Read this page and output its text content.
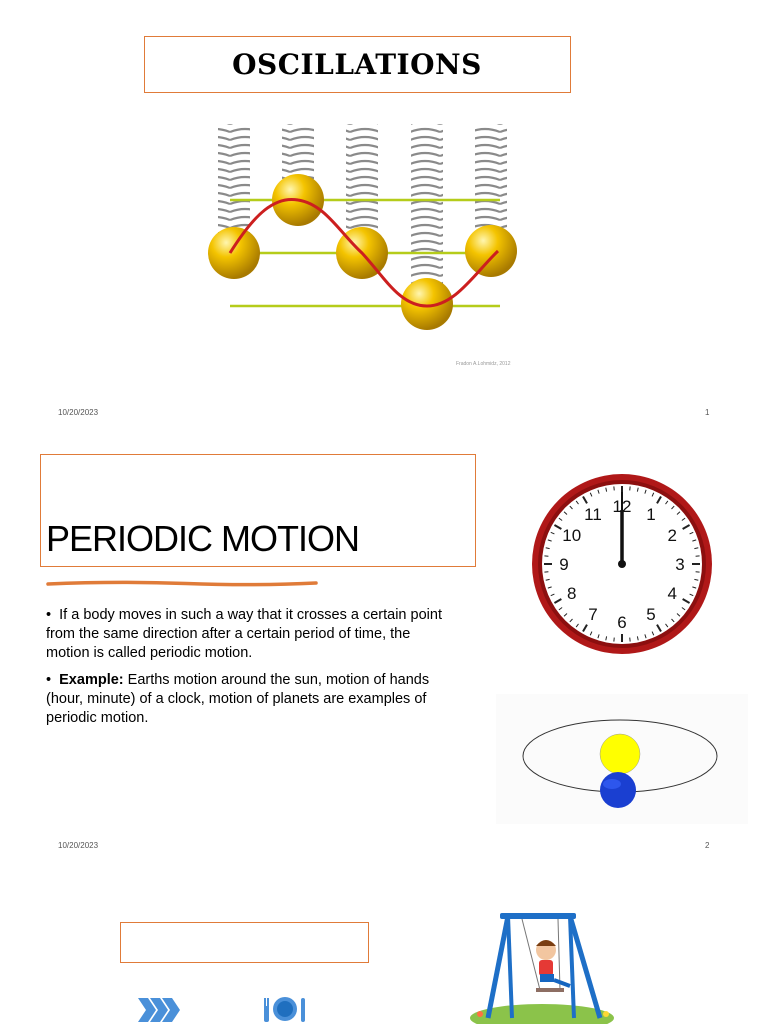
OSCILLATIONS
Fradon A.Lohmidz, 2012
10/20/2023	1
PERIODIC MOTION

•  If a body moves in such a way that it crosses a certain point from the same direction after a certain period of time, the motion is called periodic motion.

•  Example: Earths motion around the sun, motion of hands (hour, minute) of a clock, motion of planets are examples of periodic motion.

12 1
2
3
4
5
6
7
8
9
10
11
10/20/2023	2
